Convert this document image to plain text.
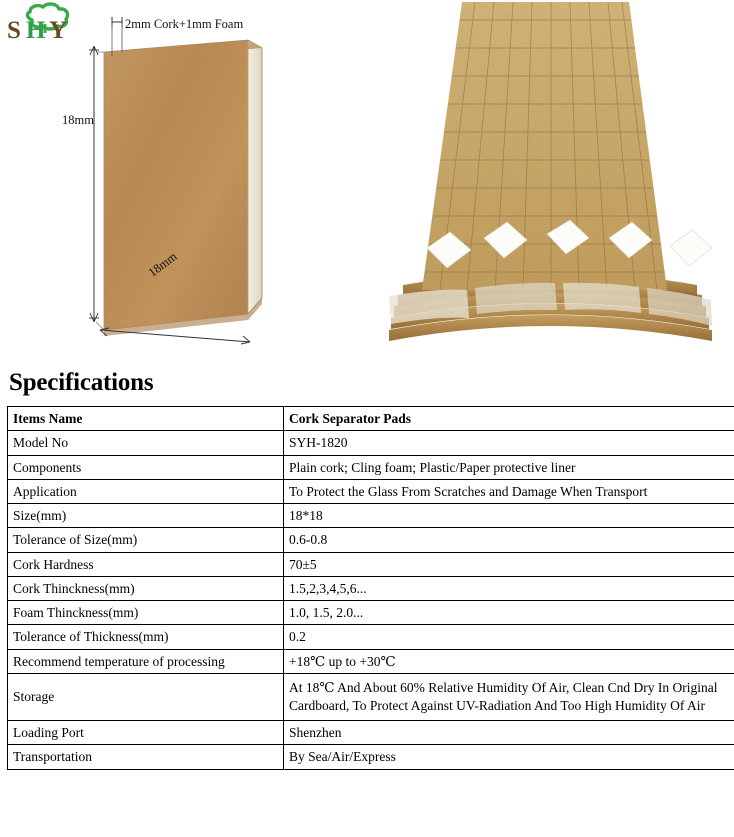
S H Y	2mm Cork+1mm Foam
18mm
18mm
Specifications
Items Name	Cork Separator Pads
Model No	SYH-1820
Components	Plain cork; Cling foam; Plastic/Paper protective liner
Application	To Protect the Glass From Scratches and Damage When Transport
Size(mm)	18*18
Tolerance of Size(mm)	0.6-0.8
Cork Hardness	70±5
Cork Thinckness(mm)	1.5,2,3,4,5,6...
Foam Thinckness(mm)	1.0, 1.5, 2.0...
Tolerance of Thickness(mm)	0.2
Recommend temperature of processing	+18℃ up to +30℃
Storage	At 18℃ And About 60% Relative Humidity Of Air, Clean Cnd Dry In Original Cardboard, To Protect Against UV-Radiation And Too High Humidity Of Air
Loading Port	Shenzhen
Transportation	By Sea/Air/Express
